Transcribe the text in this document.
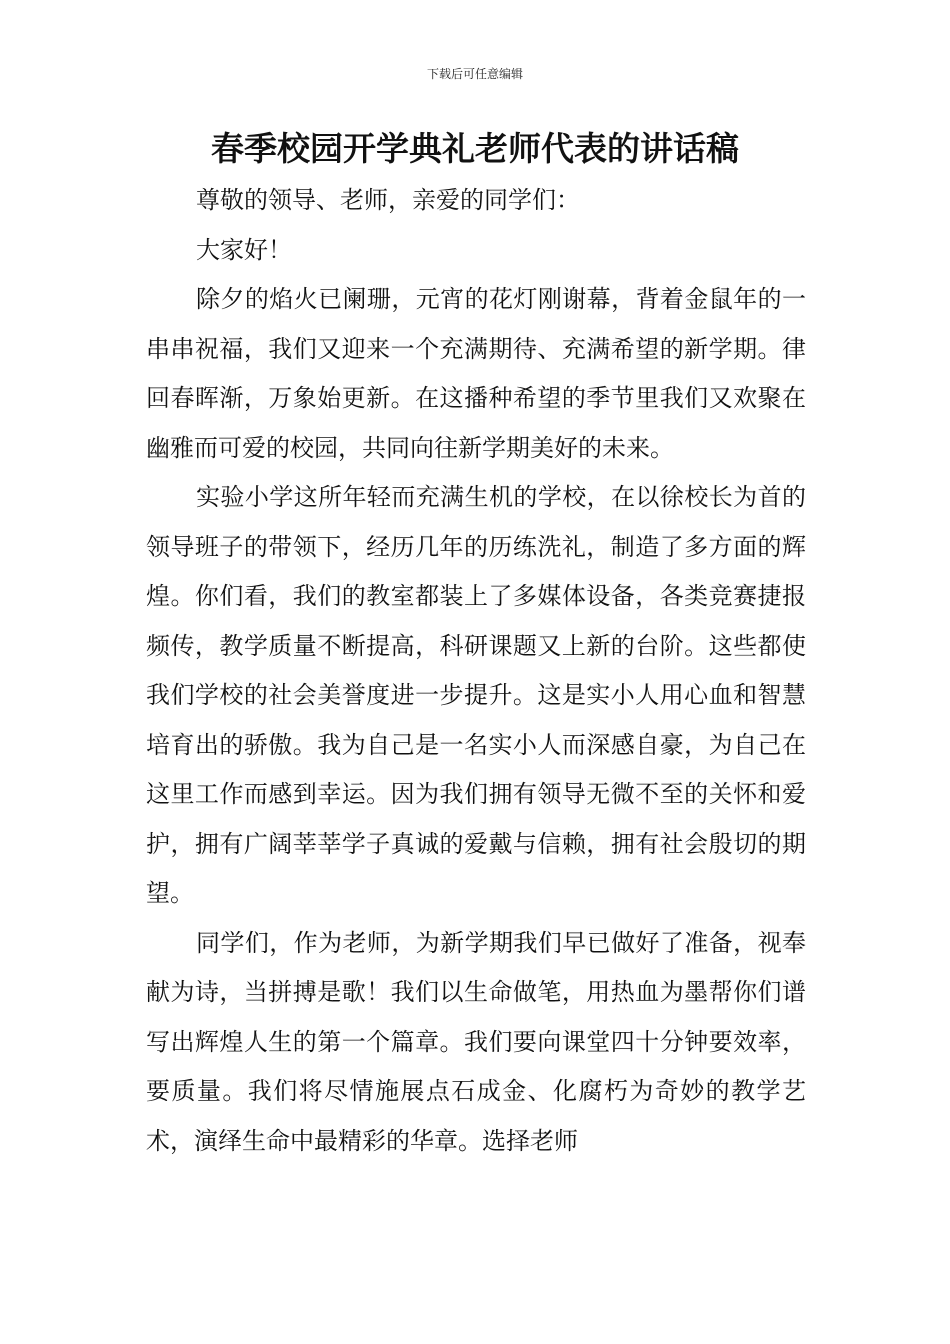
下载后可任意编辑
春季校园开学典礼老师代表的讲话稿

尊敬的领导、老师，亲爱的同学们：

大家好！

除夕的焰火已阑珊，元宵的花灯刚谢幕，背着金鼠年的一串串祝福，我们又迎来一个充满期待、充满希望的新学期。律回春晖渐，万象始更新。在这播种希望的季节里我们又欢聚在幽雅而可爱的校园，共同向往新学期美好的未来。

实验小学这所年轻而充满生机的学校，在以徐校长为首的领导班子的带领下，经历几年的历练洗礼，制造了多方面的辉煌。你们看，我们的教室都装上了多媒体设备，各类竞赛捷报频传，教学质量不断提高，科研课题又上新的台阶。这些都使我们学校的社会美誉度进一步提升。这是实小人用心血和智慧培育出的骄傲。我为自己是一名实小人而深感自豪，为自己在这里工作而感到幸运。因为我们拥有领导无微不至的关怀和爱护，拥有广阔莘莘学子真诚的爱戴与信赖，拥有社会殷切的期望。

同学们，作为老师，为新学期我们早已做好了准备，视奉献为诗，当拼搏是歌！我们以生命做笔，用热血为墨帮你们谱写出辉煌人生的第一个篇章。我们要向课堂四十分钟要效率，要质量。我们将尽情施展点石成金、化腐朽为奇妙的教学艺术，演绎生命中最精彩的华章。选择老师
